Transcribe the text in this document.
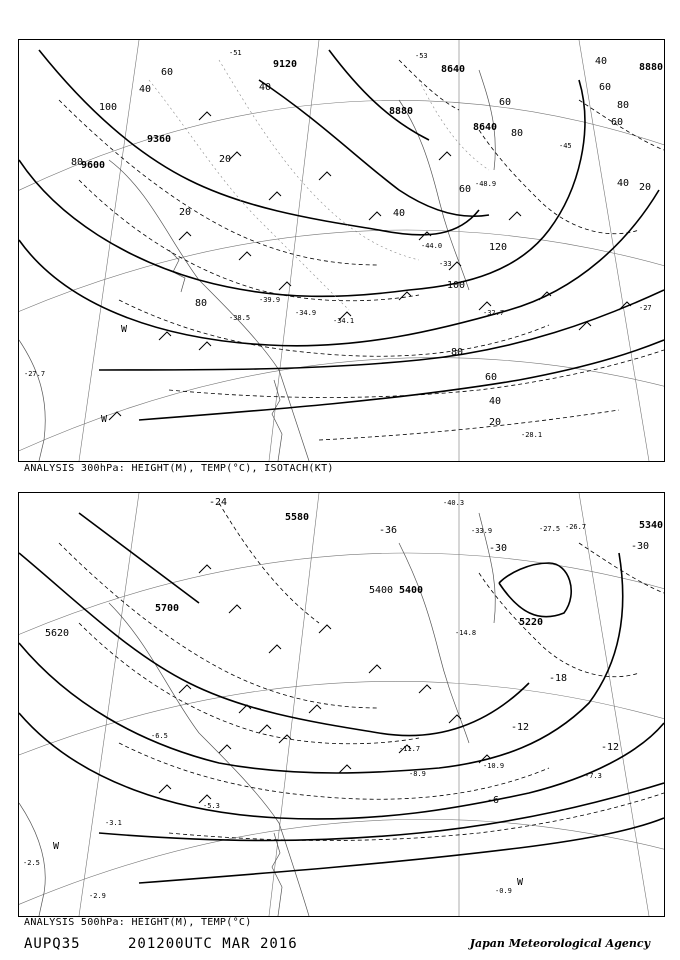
9120	8640
8880
8640
9360
9600
8880
40
60
80
100
120
60
40
20
80
100
60
80
40
20
40
60
80
60
40 20
80
60
40
20
W
W
-51	-53
-45
-48.9
-44.0
-39.9
-38.5
-34.9
-34.1
-32.7
-27.7
-28.1
-27
-33
ANALYSIS 300hPa: HEIGHT(M), TEMP(°C), ISOTACH(KT)
5580
5400
5700
5620
5220
5340
5400
-24
-30	-30
-18
-12
-12
-6
-36
-40.3
-33.9	-27.5 -26.7
-14.8
-10.9
-7.3
-8.9
-5.3
-3.1
-2.9
-0.9
-2.5
-6.5
-11.7
W
W
ANALYSIS 500hPa: HEIGHT(M), TEMP(°C)
AUPQ35	201200UTC MAR 2016	Japan Meteorological Agency
